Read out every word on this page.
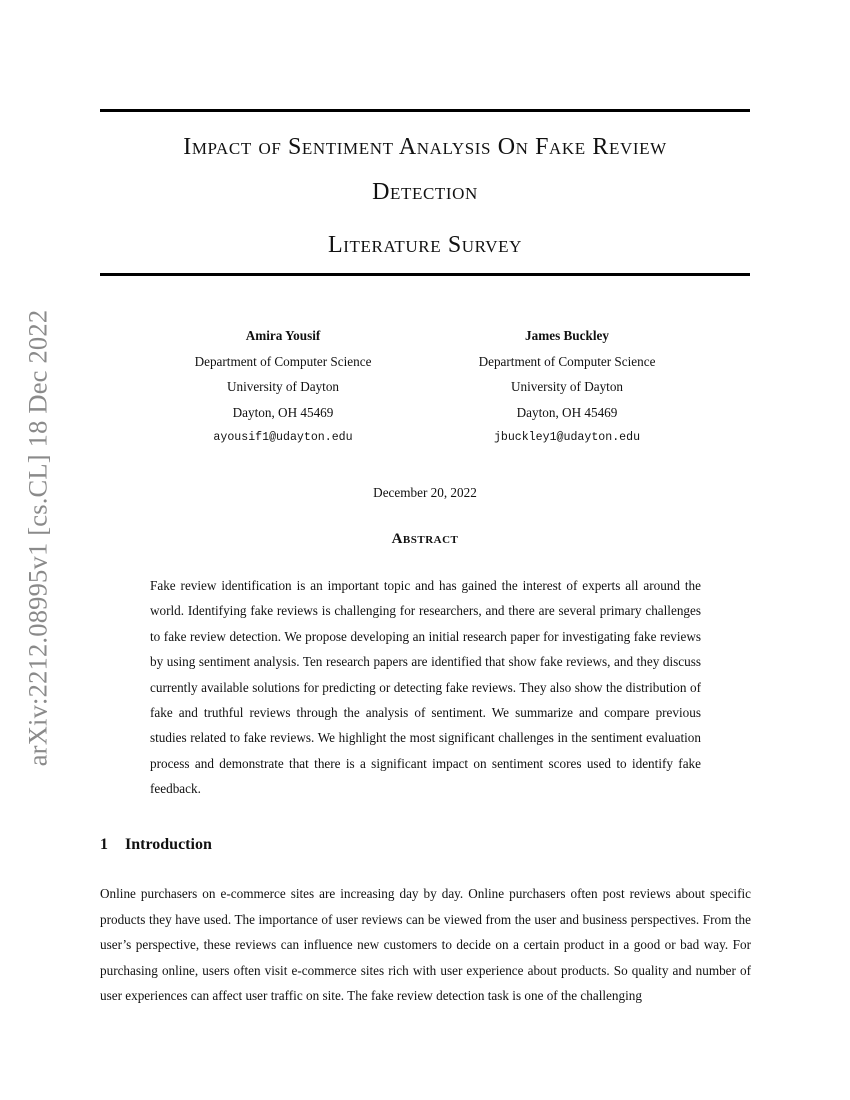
arXiv:2212.08995v1 [cs.CL] 18 Dec 2022
Impact of Sentiment Analysis On Fake Review
Detection
Literature Survey
Amira Yousif
Department of Computer Science
University of Dayton
Dayton, OH 45469
ayousif1@udayton.edu
James Buckley
Department of Computer Science
University of Dayton
Dayton, OH 45469
jbuckley1@udayton.edu
December 20, 2022
Abstract
Fake review identification is an important topic and has gained the interest of experts all around the world. Identifying fake reviews is challenging for researchers, and there are several primary challenges to fake review detection. We propose developing an initial research paper for investigating fake reviews by using sentiment analysis. Ten research papers are identified that show fake reviews, and they discuss currently available solutions for predicting or detecting fake reviews. They also show the distribution of fake and truthful reviews through the analysis of sentiment. We summarize and compare previous studies related to fake reviews. We highlight the most significant challenges in the sentiment evaluation process and demonstrate that there is a significant impact on sentiment scores used to identify fake feedback.
1 Introduction
Online purchasers on e-commerce sites are increasing day by day. Online purchasers often post reviews about specific products they have used. The importance of user reviews can be viewed from the user and business perspectives. From the user’s perspective, these reviews can influence new customers to decide on a certain product in a good or bad way. For purchasing online, users often visit e-commerce sites rich with user experience about products. So quality and number of user experiences can affect user traffic on site. The fake review detection task is one of the challenging
